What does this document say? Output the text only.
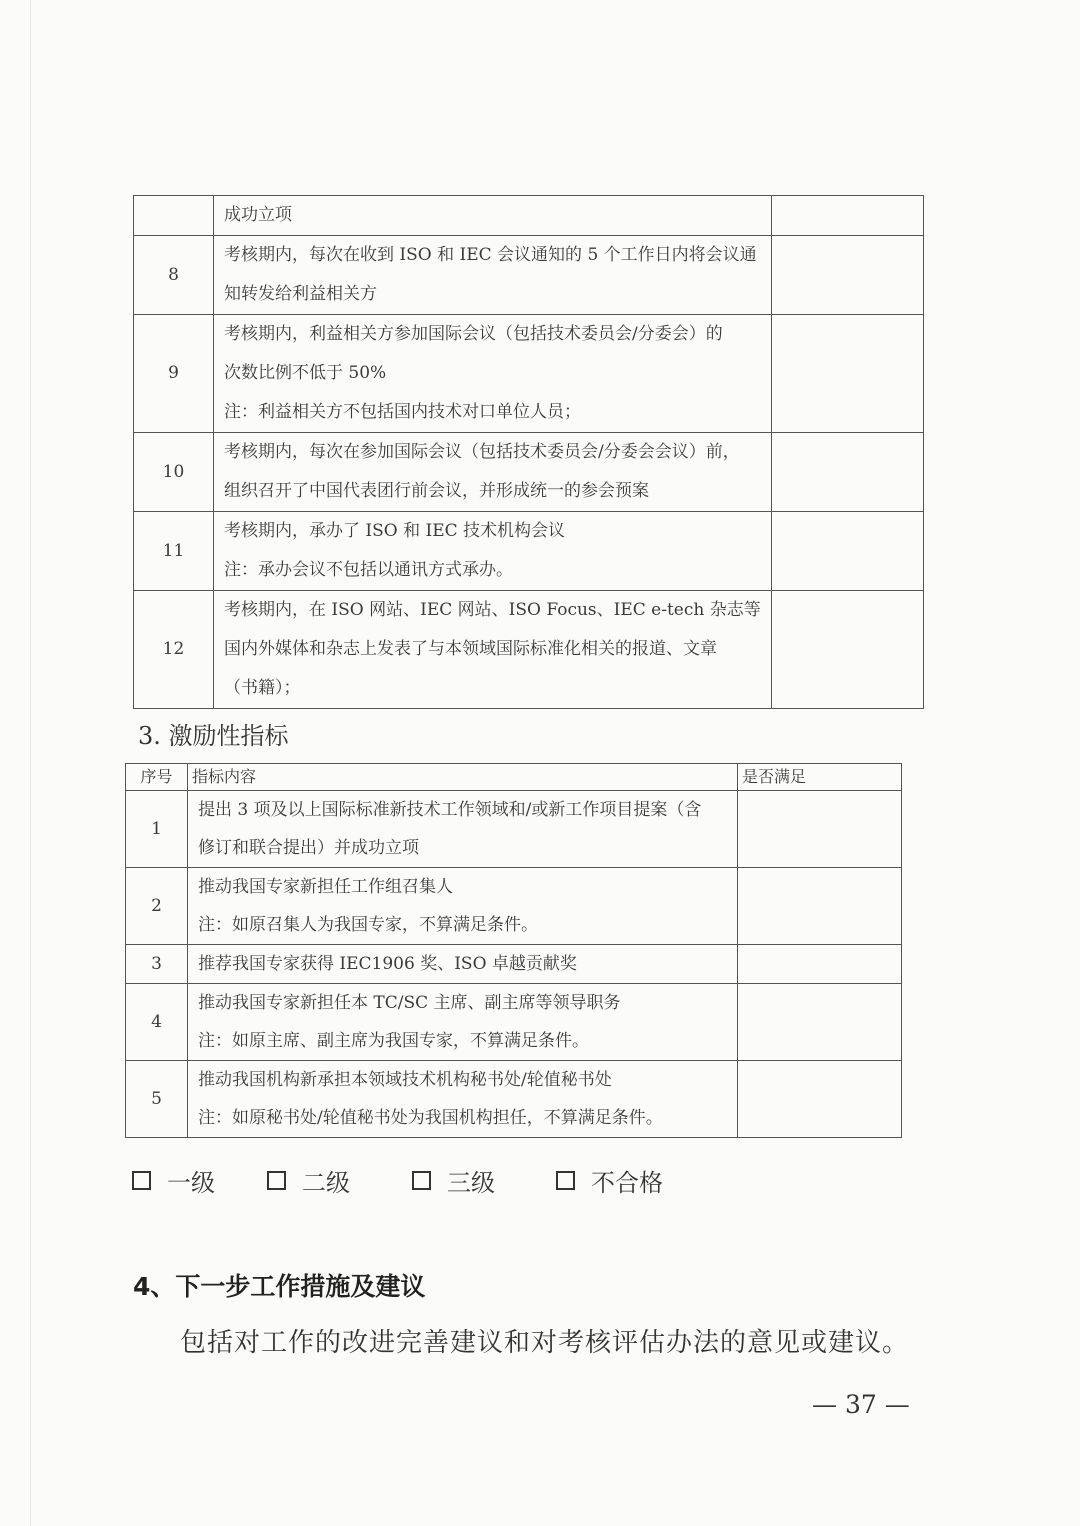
	成功立项	

8	考核期内，每次在收到 ISO 和 IEC 会议通知的 5 个工作日内将会议通
知转发给利益相关方	

9	考核期内，利益相关方参加国际会议（包括技术委员会/分委会）的
次数比例不低于 50%
注：利益相关方不包括国内技术对口单位人员；	

10	考核期内，每次在参加国际会议（包括技术委员会/分委会会议）前，
组织召开了中国代表团行前会议，并形成统一的参会预案	

11	考核期内，承办了 ISO 和 IEC 技术机构会议
注：承办会议不包括以通讯方式承办。	

12	考核期内，在 ISO 网站、IEC 网站、ISO Focus、IEC e-tech 杂志等
国内外媒体和杂志上发表了与本领域国际标准化相关的报道、文章
（书籍）；	

3. 激励性指标
序号	指标内容	是否满足
1	提出 3 项及以上国际标准新技术工作领域和/或新工作项目提案（含
修订和联合提出）并成功立项	

2	推动我国专家新担任工作组召集人
注：如原召集人为我国专家，不算满足条件。	

3	推荐我国专家获得 IEC1906 奖、ISO 卓越贡献奖	

4	推动我国专家新担任本 TC/SC 主席、副主席等领导职务
注：如原主席、副主席为我国专家，不算满足条件。	

5	推动我国机构新承担本领域技术机构秘书处/轮值秘书处
注：如原秘书处/轮值秘书处为我国机构担任，不算满足条件。	

一级	二级	三级	不合格
4、下一步工作措施及建议
包括对工作的改进完善建议和对考核评估办法的意见或建议。
— 37 —
